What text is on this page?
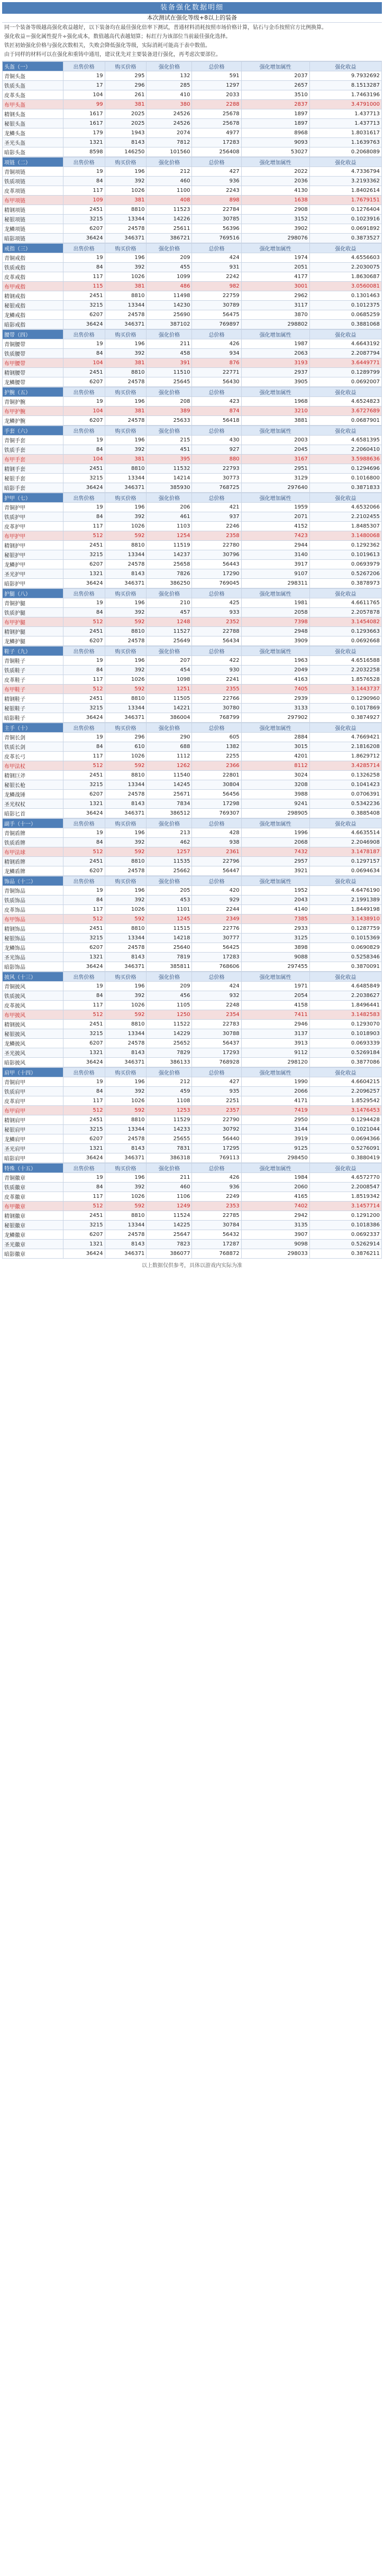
装备强化数据明细
本次测试在强化等级+8以上的装备

同一个装备等级越高强化收益越好，以下装备均在最佳强化倍率下测试，普通材料消耗按照市场价格计算，钻石与金币按照官方比例换算。

强化收益＝强化属性提升÷强化成本，数值越高代表越划算；标红行为该部位当前最佳强化选择。

铁匠初始强化价格与强化次数相关，失败会降低强化等级，实际消耗可能高于表中数值。

由于同样的材料可以在强化和重铸中通用，建议优先对主要装备进行强化，再考虑次要部位。

头盔（一）	出售价格	购买价格	强化价格	总价格	强化增加属性	强化收益
青铜头盔	19	295	132	591	2037	9.7932692
铁质头盔	17	296	285	1297	2657	8.1513287
皮革头盔	104	261	410	2033	3510	1.7463196
布甲头盔	99	381	380	2288	2837	3.4791000
精钢头盔	1617	2025	24526	25678	1897	1.437713
秘银头盔	1617	2025	24526	25678	1897	1.437713
龙鳞头盔	179	1943	2074	4977	8968	1.8031617
圣光头盔	1321	8143	7812	17283	9093	1.1639763
暗影头盔	8598	146250	101560	256408	53027	0.2068089
项链（二）	出售价格	购买价格	强化价格	总价格	强化增加属性	强化收益
青铜项链	19	196	212	427	2022	4.7336794
铁质项链	84	392	460	936	2036	3.2193362
皮革项链	117	1026	1100	2243	4130	1.8402614
布甲项链	109	381	408	898	1638	1.7679151
精钢项链	2451	8810	11523	22784	2908	0.1276404
秘银项链	3215	13344	14226	30785	3152	0.1023916
龙鳞项链	6207	24578	25611	56396	3902	0.0691892
暗影项链	36424	346371	386721	769516	298076	0.3873527
戒指（三）	出售价格	购买价格	强化价格	总价格	强化增加属性	强化收益
青铜戒指	19	196	209	424	1974	4.6556603
铁质戒指	84	392	455	931	2051	2.2030075
皮革戒指	117	1026	1099	2242	4177	1.8630687
布甲戒指	115	381	486	982	3001	3.0560081
精钢戒指	2451	8810	11498	22759	2962	0.1301463
秘银戒指	3215	13344	14230	30789	3117	0.1012375
龙鳞戒指	6207	24578	25690	56475	3870	0.0685259
暗影戒指	36424	346371	387102	769897	298802	0.3881068
腰带（四）	出售价格	购买价格	强化价格	总价格	强化增加属性	强化收益
青铜腰带	19	196	211	426	1987	4.6643192
铁质腰带	84	392	458	934	2063	2.2087794
布甲腰带	104	381	391	876	3193	3.6449771
精钢腰带	2451	8810	11510	22771	2937	0.1289799
龙鳞腰带	6207	24578	25645	56430	3905	0.0692007
护腕（五）	出售价格	购买价格	强化价格	总价格	强化增加属性	强化收益
青铜护腕	19	196	208	423	1968	4.6524823
布甲护腕	104	381	389	874	3210	3.6727689
龙鳞护腕	6207	24578	25633	56418	3881	0.0687901
手套（六）	出售价格	购买价格	强化价格	总价格	强化增加属性	强化收益
青铜手套	19	196	215	430	2003	4.6581395
铁质手套	84	392	451	927	2045	2.2060410
布甲手套	104	381	395	880	3167	3.5988636
精钢手套	2451	8810	11532	22793	2951	0.1294696
秘银手套	3215	13344	14214	30773	3129	0.1016800
暗影手套	36424	346371	385930	768725	297640	0.3871833
护甲（七）	出售价格	购买价格	强化价格	总价格	强化增加属性	强化收益
青铜护甲	19	196	206	421	1959	4.6532066
铁质护甲	84	392	461	937	2071	2.2102455
皮革护甲	117	1026	1103	2246	4152	1.8485307
布甲护甲	512	592	1254	2358	7423	3.1480068
精钢护甲	2451	8810	11519	22780	2944	0.1292362
秘银护甲	3215	13344	14237	30796	3140	0.1019613
龙鳞护甲	6207	24578	25658	56443	3917	0.0693979
圣光护甲	1321	8143	7826	17290	9107	0.5267206
暗影护甲	36424	346371	386250	769045	298311	0.3878973
护腿（八）	出售价格	购买价格	强化价格	总价格	强化增加属性	强化收益
青铜护腿	19	196	210	425	1981	4.6611765
铁质护腿	84	392	457	933	2058	2.2057878
布甲护腿	512	592	1248	2352	7398	3.1454082
精钢护腿	2451	8810	11527	22788	2948	0.1293663
龙鳞护腿	6207	24578	25649	56434	3909	0.0692668
鞋子（九）	出售价格	购买价格	强化价格	总价格	强化增加属性	强化收益
青铜鞋子	19	196	207	422	1963	4.6516588
铁质鞋子	84	392	454	930	2049	2.2032258
皮革鞋子	117	1026	1098	2241	4163	1.8576528
布甲鞋子	512	592	1251	2355	7405	3.1443737
精钢鞋子	2451	8810	11505	22766	2939	0.1290960
秘银鞋子	3215	13344	14221	30780	3133	0.1017869
暗影鞋子	36424	346371	386004	768799	297902	0.3874927
主手（十）	出售价格	购买价格	强化价格	总价格	强化增加属性	强化收益
青铜长剑	19	296	290	605	2884	4.7669421
铁质长剑	84	610	688	1382	3015	2.1816208
皮革长弓	117	1026	1112	2255	4201	1.8629712
布甲法杖	512	592	1262	2366	8112	3.4285714
精钢巨斧	2451	8810	11540	22801	3024	0.1326258
秘银长枪	3215	13344	14245	30804	3208	0.1041423
龙鳞战锤	6207	24578	25671	56456	3988	0.0706391
圣光权杖	1321	8143	7834	17298	9241	0.5342236
暗影匕首	36424	346371	386512	769307	298905	0.3885408
副手（十一）	出售价格	购买价格	强化价格	总价格	强化增加属性	强化收益
青铜盾牌	19	196	213	428	1996	4.6635514
铁质盾牌	84	392	462	938	2068	2.2046908
布甲法球	512	592	1257	2361	7432	3.1478187
精钢盾牌	2451	8810	11535	22796	2957	0.1297157
龙鳞盾牌	6207	24578	25662	56447	3921	0.0694634
饰品（十二）	出售价格	购买价格	强化价格	总价格	强化增加属性	强化收益
青铜饰品	19	196	205	420	1952	4.6476190
铁质饰品	84	392	453	929	2043	2.1991389
皮革饰品	117	1026	1101	2244	4140	1.8449198
布甲饰品	512	592	1245	2349	7385	3.1438910
精钢饰品	2451	8810	11515	22776	2933	0.1287759
秘银饰品	3215	13344	14218	30777	3125	0.1015369
龙鳞饰品	6207	24578	25640	56425	3898	0.0690829
圣光饰品	1321	8143	7819	17283	9088	0.5258346
暗影饰品	36424	346371	385811	768606	297455	0.3870091
披风（十三）	出售价格	购买价格	强化价格	总价格	强化增加属性	强化收益
青铜披风	19	196	209	424	1971	4.6485849
铁质披风	84	392	456	932	2054	2.2038627
皮革披风	117	1026	1105	2248	4158	1.8496441
布甲披风	512	592	1250	2354	7411	3.1482583
精钢披风	2451	8810	11522	22783	2946	0.1293070
秘银披风	3215	13344	14229	30788	3137	0.1018903
龙鳞披风	6207	24578	25652	56437	3913	0.0693339
圣光披风	1321	8143	7829	17293	9112	0.5269184
暗影披风	36424	346371	386133	768928	298120	0.3877086
肩甲（十四）	出售价格	购买价格	强化价格	总价格	强化增加属性	强化收益
青铜肩甲	19	196	212	427	1990	4.6604215
铁质肩甲	84	392	459	935	2066	2.2096257
皮革肩甲	117	1026	1108	2251	4171	1.8529542
布甲肩甲	512	592	1253	2357	7419	3.1476453
精钢肩甲	2451	8810	11529	22790	2950	0.1294428
秘银肩甲	3215	13344	14233	30792	3144	0.1021044
龙鳞肩甲	6207	24578	25655	56440	3919	0.0694366
圣光肩甲	1321	8143	7831	17295	9125	0.5276091
暗影肩甲	36424	346371	386318	769113	298450	0.3880419
特殊（十五）	出售价格	购买价格	强化价格	总价格	强化增加属性	强化收益
青铜徽章	19	196	211	426	1984	4.6572770
铁质徽章	84	392	460	936	2060	2.2008547
皮革徽章	117	1026	1106	2249	4165	1.8519342
布甲徽章	512	592	1249	2353	7402	3.1457714
精钢徽章	2451	8810	11524	22785	2942	0.1291200
秘银徽章	3215	13344	14225	30784	3135	0.1018386
龙鳞徽章	6207	24578	25647	56432	3907	0.0692337
圣光徽章	1321	8143	7823	17287	9098	0.5262914
暗影徽章	36424	346371	386077	768872	298033	0.3876211
以上数据仅供参考，具体以游戏内实际为准
